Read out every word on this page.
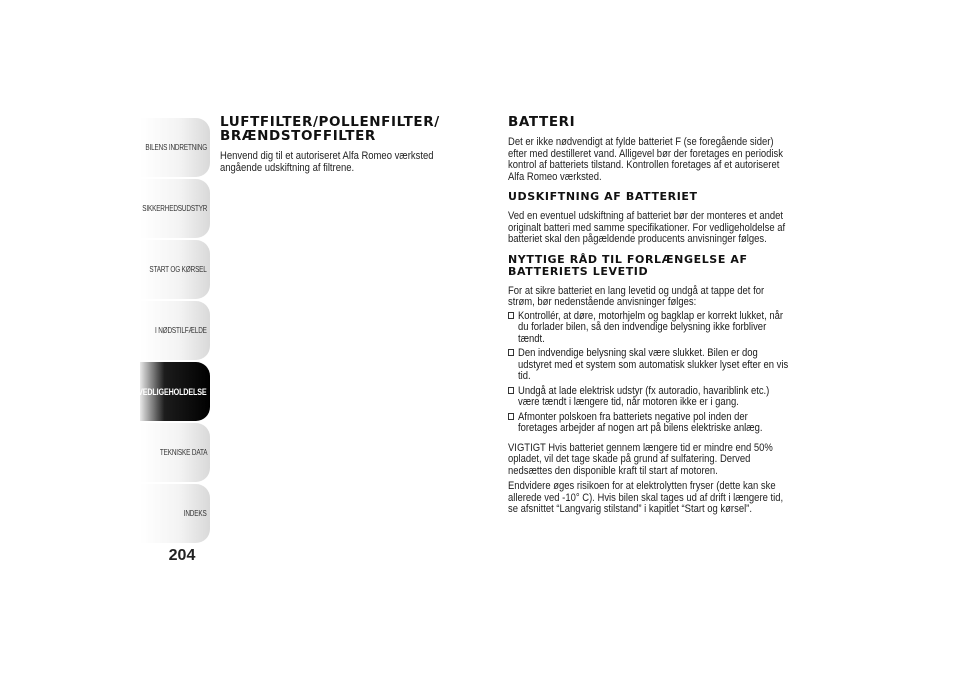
BILENS INDRETNING
SIKKERHEDSUDSTYR
START OG KØRSEL
I NØDSTILFÆLDE
VEDLIGEHOLDELSE
TEKNISKE DATA
INDEKS
204
LUFTFILTER/POLLENFILTER/
BRÆNDSTOFFILTER

Henvend dig til et autoriseret Alfa Romeo værksted angående udskiftning af filtrene.

BATTERI

Det er ikke nødvendigt at fylde batteriet F (se foregående sider) efter med destilleret vand. Alligevel bør der foretages en periodisk kontrol af batteriets tilstand. Kontrollen foretages af et autoriseret Alfa Romeo værksted.

UDSKIFTNING AF BATTERIET

Ved en eventuel udskiftning af batteriet bør der monteres et andet originalt batteri med samme specifikationer. For vedligeholdelse af batteriet skal den pågældende producents anvisninger følges.

NYTTIGE RÅD TIL FORLÆNGELSE AF
BATTERIETS LEVETID

For at sikre batteriet en lang levetid og undgå at tappe det for strøm, bør nedenstående anvisninger følges:

Kontrollér, at døre, motorhjelm og bagklap er korrekt lukket, når du forlader bilen, så den indvendige belysning ikke forbliver tændt.
Den indvendige belysning skal være slukket. Bilen er dog udstyret med et system som automatisk slukker lyset efter en vis tid.
Undgå at lade elektrisk udstyr (fx autoradio, havariblink etc.) være tændt i længere tid, når motoren ikke er i gang.
Afmonter polskoen fra batteriets negative pol inden der foretages arbejder af nogen art på bilens elektriske anlæg.

VIGTIGT Hvis batteriet gennem længere tid er mindre end 50% opladet, vil det tage skade på grund af sulfatering. Derved nedsættes den disponible kraft til start af motoren.

Endvidere øges risikoen for at elektrolytten fryser (dette kan ske allerede ved -10° C). Hvis bilen skal tages ud af drift i længere tid, se afsnittet “Langvarig stilstand” i kapitlet “Start og kørsel”.
